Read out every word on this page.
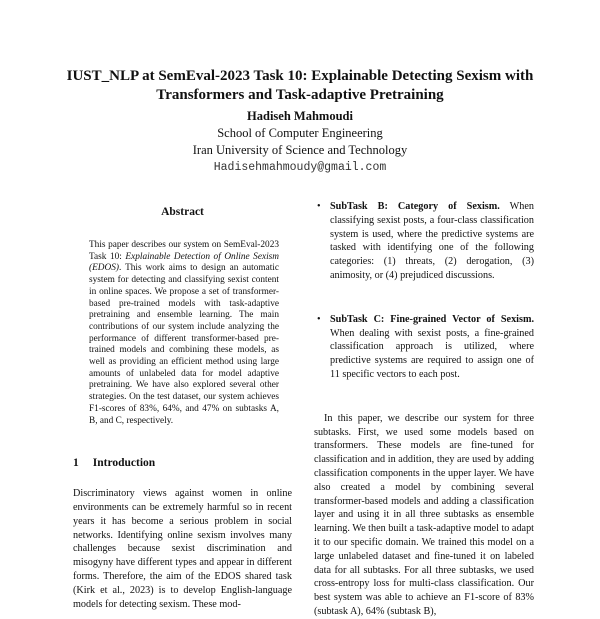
IUST_NLP at SemEval-2023 Task 10: Explainable Detecting Sexism with
Transformers and Task-adaptive Pretraining
Hadiseh Mahmoudi
School of Computer Engineering
Iran University of Science and Technology
Hadisehmahmoudy@gmail.com
Abstract
This paper describes our system on SemEval-2023 Task 10: Explainable Detection of Online Sexism (EDOS). This work aims to design an automatic system for detecting and classifying sexist content in online spaces. We propose a set of transformer-based pre-trained models with task-adaptive pretraining and ensemble learning. The main contributions of our system include analyzing the performance of different transformer-based pre-trained models and combining these models, as well as providing an efficient method using large amounts of unlabeled data for model adaptive pretraining. We have also explored several other strategies. On the test dataset, our system achieves F1-scores of 83%, 64%, and 47% on subtasks A, B, and C, respectively.
1 Introduction
Discriminatory views against women in online environments can be extremely harmful so in recent years it has become a serious problem in social networks. Identifying online sexism involves many challenges because sexist discrimination and misogyny have different types and appear in different forms. Therefore, the aim of the EDOS shared task (Kirk et al., 2023) is to develop English-language models for detecting sexism. These mod-
• SubTask B: Category of Sexism. When classifying sexist posts, a four-class classification system is used, where the predictive systems are tasked with identifying one of the following categories: (1) threats, (2) derogation, (3) animosity, or (4) prejudiced discussions.
• SubTask C: Fine-grained Vector of Sexism. When dealing with sexist posts, a fine-grained classification approach is utilized, where predictive systems are required to assign one of 11 specific vectors to each post.
In this paper, we describe our system for three subtasks. First, we used some models based on transformers. These models are fine-tuned for classification and in addition, they are used by adding classification components in the upper layer. We have also created a model by combining several transformer-based models and adding a classification layer and using it in all three subtasks as ensemble learning. We then built a task-adaptive model to adapt it to our specific domain. We trained this model on a large unlabeled dataset and fine-tuned it on labeled data for all subtasks. For all three subtasks, we used cross-entropy loss for multi-class classification. Our best system was able to achieve an F1-score of 83% (subtask A), 64% (subtask B),
